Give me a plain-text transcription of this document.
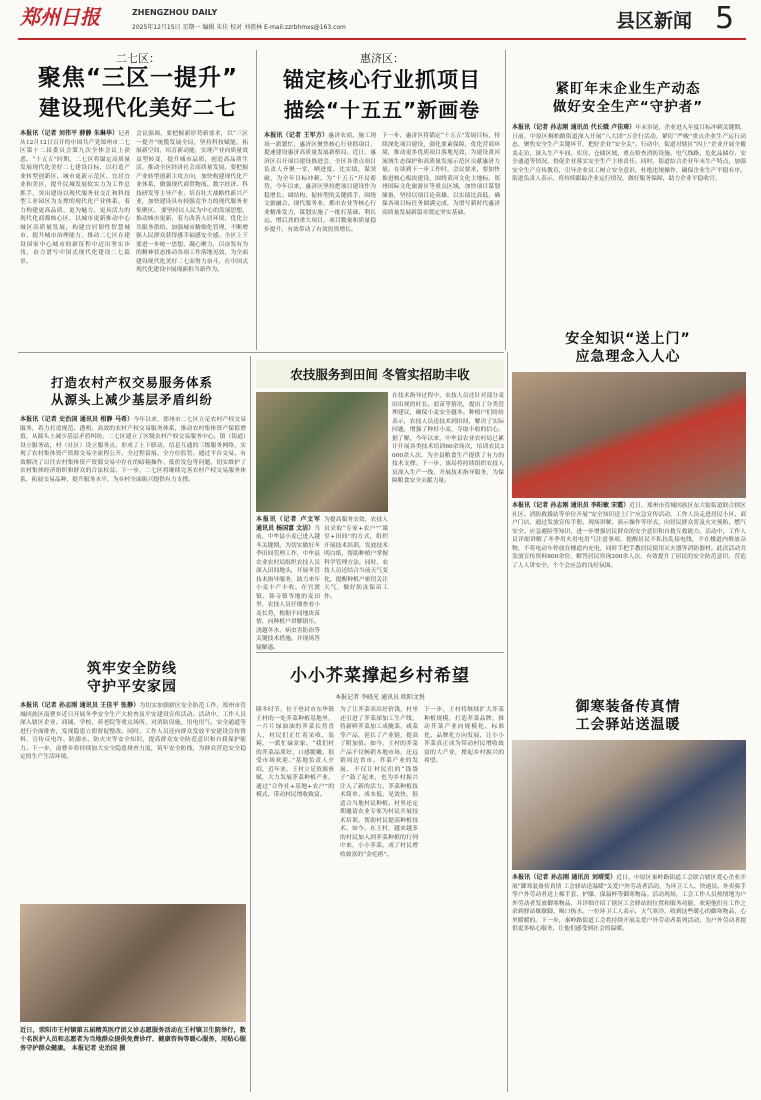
郑州日报	ZHENGZHOU DAILY
2025年12月15日 星期一 编辑 朱佳 校对 刘祖林 E-mail:zzrbhmxs@163.com	县区新闻 5
二七区：
聚焦“三区一提升”
建设现代化美好二七
本报讯（记者 刘伟平 薛静 朱琳华）记者从12月12日召开的中国共产党郑州市二七区第十二届委员会第九次全体会议上获悉，“十五五”时期，二七区将锚定高质量发展现代化美好二七建设目标，以打造产业转型创新区、城市更新示范区、宜居宜业和美区，提升民城发展软实力为工作总抓手，突出建设以现代服务业交汇和科技型工业园区为支撑的现代化产业体系，着力构建更高品质、更为魅力、更具活力的现代化商都核心区，以城市更新推动中心城区高质量发展，构建宜居韧性智慧城市，提升城市治理能力，推动二七区在建设国家中心城市的新征程中迈出坚实步伐，奋力谱写中国式现代化建设二七篇章。
会议强调，要把握新形势新要求，以“三区一提升”统揽发展全局，坚持科技赋能，拓展新空间，培育新动能，实现产业向质量效益型转变，提升城市品质，创造高品质生活，推动全区经济社会高质量发展。要把握产业转型创新主攻方向，加快构建现代化产业体系，做强现代商贸物流、数字经济、科技研发等主导产业，培育壮大战略性新兴产业，加快建设具有较强竞争力的现代服务业集聚区。 要坚持以人民为中心的发展思想，推动城市更新，着力改善人居环境，优化公共服务供给，加强城市精细化管理，不断增强人民群众获得感幸福感安全感。全区上下要进一步统一思想、凝心聚力，以奋发有为的精神状态推动各项工作落地见效，为全面建设现代化美好二七而努力奋斗，在中国式现代化建设中展现新担当新作为。
惠济区：
锚定核心行业抓项目
描绘“十五五”新画卷
本报讯（记者 王军方）惠济农商、施工现场一派繁忙，惠济区聚焦核心行业抓项目，提速建设惠济高质量发展新格局。近日，惠济区召开项目建设推进会，全区各重点项目负责人齐聚一堂，晒进度、比实绩、谋突破，为全年目标冲刺、为“十五五”开局蓄势。今年以来，惠济区坚持把项目建设作为稳增长、调结构、促转型的关键抓手，围绕文旅融合、现代服务业、都市农业等核心行业精准发力，谋划实施了一批打基础、利长远、增后劲的重大项目，项目数量和质量稳步提升，有效带动了有效投资增长。
下一步，惠济区将锚定“十五五”发展目标，持续深化项目建设，强化要素保障，优化营商环境，推动更多优质项目落地见效，为建设黄河流域生态保护和高质量发展示范区贡献惠济力量。在谈到下一步工作时，会议要求，要加快推进核心板块建设，围绕黄河文化主地标、郑州国际文化旅游区等重点区域，加快项目谋划储备，坚持以项目论英雄，以实绩比高低，确保各项目标任务圆满完成，为谱写新时代惠济高质量发展新篇章奠定坚实基础。
紧盯年末企业生产动态
做好安全生产“守护者”
本报讯（记者 孙志刚 通讯员 代长娥 卢佳琦）年末岁尾，企业进入年度目标冲刺关键期。日前，中原区桐柏路街道深入开展“八大团”万企行活动，紧盯“严峻”重点企业生产运行动态，聚焦安全生产关键环节，把好企业“安全关”。行动中，街道对辖区“四上”企业开展全覆盖走访，深入生产车间、库房、仓储区域，重点检查消防设施、电气线路、危化品储存、安全通道等情况，督促企业落实安全生产主体责任。同时，街道结合企业年末生产特点，加强安全生产宣传教育，引导企业员工树立安全意识，杜绝违规操作，确保企业生产平稳有序。街道负责人表示，将持续跟踪企业运行情况，做好服务保障，助力企业平稳收官。
安全知识“送上门”
应急理念入人心
本报讯（记者 孙志刚 通讯员 李阳敏 宋霞）近日，郑州市管城回族区东大街街道联合辖区社区、消防救援站等单位开展“安全知识送上门”应急宣传活动，工作人员走进居民小区、商户门店，通过发放宣传手册、现场讲解、演示操作等形式，向居民群众普及火灾预防、燃气安全、应急避险等知识，进一步增强居民群众的安全意识和自救互救能力。活动中，工作人员详细讲解了冬季用火用电用气注意事项，提醒居民不私拉乱接电线，不在楼道内堆放杂物，不将电动车停放在楼道内充电，同时手把手教居民使用灭火器等消防器材。此次活动共发放宣传资料800余份，解答居民咨询200余人次，有效提升了居民的安全防范意识，营造了人人讲安全、个个会应急的良好氛围。
御寒装备传真情
工会驿站送温暖
本报讯（记者 孙志刚 通讯员 刘靖雯）近日，中原区秦岭路街道工会联合辖区爱心企业开展“御寒装备传真情 工会驿站送温暖”关爱户外劳动者活动，为环卫工人、快递员、外卖骑手等户外劳动者送上棉手套、护膝、保温杯等御寒物品。活动现场，工会工作人员热情地为户外劳动者发放御寒物品，并详细介绍了辖区工会驿站的位置和服务功能，欢迎他们在工作之余到驿站歇歇脚、喝口热水。一位环卫工人表示，天气寒冷，收到这些暖心的御寒物品，心里暖暖的。下一步，秦岭路街道工会将持续开展关爱户外劳动者系列活动，为户外劳动者提供更多贴心服务，让他们感受到社会的温暖。
打造农村产权交易服务体系
从源头上减少基层矛盾纠纷
本报讯（记者 史治国 通讯员 相静 马希）今年以来，郑州市二七区立足农村产权交易服务，着力打造规范、透明、高效的农村产权交易服务体系，推动农村集体资产保值增值，从源头上减少基层矛盾纠纷。二七区建立了区级农村产权交易服务中心，镇（街道）设立服务站，村（社区）设立服务点，形成了上下联动、信息互通的三级服务网络，实现了农村集体资产资源交易全流程公开、全过程留痕、全方位监管。通过平台交易，有效解决了以往农村集体资产资源交易中存在的暗箱操作、低价发包等问题，切实维护了农村集体经济组织和群众的合法权益。下一步，二七区将继续完善农村产权交易服务体系，拓展交易品种，提升服务水平，为乡村全面振兴提供有力支撑。
筑牢安全防线
守护平安家园
本报讯（记者 孙志刚 通讯员 王佳平 张静）为切实加强辖区安全防范工作，郑州市管城回族区南曹乡近日开展冬季安全生产大检查及平安建设宣传活动。活动中，工作人员深入辖区企业、商铺、学校、养老院等重点场所，对消防设施、用电用气、安全通道等进行全面排查，发现隐患立即督促整改。同时，工作人员还向群众发放平安建设宣传资料，宣传反电诈、防溺水、防火灾等安全知识，提高群众安全防范意识和自我保护能力。下一步，南曹乡将持续加大安全隐患排查力度，筑牢安全防线，为群众营造安全稳定的生产生活环境。
近日，荥阳市王村镇第五届精英医疗团义诊志愿服务活动在王村镇卫生院举行，数十名医护人员和志愿者为当地群众提供免费诊疗、健康咨询等暖心服务，用贴心服务守护群众健康。 本报记者 史治国 摄
农技服务到田间 冬管实招助丰收
在技术指导过程中，农技人员还针对部分麦田出现的旺长、弱苗等情况，提出了分类管理建议，确保小麦安全越冬。种植户们纷纷表示，农技人员送技术到田间，解决了实际问题，增强了种好小麦、夺取丰收的信心。据了解，今年以来，中牟县农业农村局已累计开展各类技术培训60余场次，培训农民3000余人次，为全县粮食生产提供了有力的技术支撑。下一步，该局将持续组织农技人员深入生产一线，开展技术指导服务，为保障粮食安全贡献力量。
本报讯（记者 卢文军 通讯员 杨国富 文洁）当前，中牟县小麦已进入越冬关键期。为切实做好冬季田间管理工作，中牟县农业农村局组织农技人员深入田间地头，开展冬管技术指导服务，助力来年小麦丰产丰收。在官渡镇、韩寺镇等地的麦田里，农技人员仔细查看小麦长势，根据不同地块苗情，向种植户讲解镇压、浇越冬水、病虫害防治等关键技术措施，并现场答疑解惑。
为提高服务实效，农技人员采取“专家+农户”“课堂+田间”的方式，组织开展技术培训，发放技术明白纸，帮助种植户掌握科学管理方法。同时，农技人员还结合当前天气变化，提醒种植户密切关注天气，做好防冻保苗工作。
小小芥菜撑起乡村希望
本报记者 李晓光 通讯员 欧阳文悦
隆冬时节，位于登封市东华镇王村的一处芥菜种植基地里，一片片绿油油的芥菜长势喜人，村民们正忙着采收、装箱，一派忙碌景象。“我们村的芥菜品质好，口感脆嫩，很受市场欢迎。”基地负责人介绍，近年来，王村立足资源禀赋，大力发展芥菜种植产业，通过“合作社+基地+农户”的模式，带动村民增收致富。
为了让芥菜卖出好价钱，村里还引进了芥菜深加工生产线，将新鲜芥菜加工成腌菜、咸菜等产品，延长了产业链，提高了附加值。如今，王村的芥菜产品不仅畅销本地市场，还远销周边省市。芥菜产业的发展，不仅让村民们的“钱袋子”鼓了起来，也为乡村振兴注入了新的活力。芥菜种植技术简单、成本低、见效快，很适合当地村民种植。村里还定期邀请农业专家为村民开展技术培训，帮助村民提高种植技术。如今，在王村，越来越多的村民加入到芥菜种植的行列中来，小小芥菜，成了村民增收致富的“金疙瘩”。
下一步，王村将继续扩大芥菜种植规模，打造芥菜品牌，推动芥菜产业向规模化、标准化、品牌化方向发展，让小小芥菜真正成为带动村民增收致富的大产业，撑起乡村振兴的希望。
